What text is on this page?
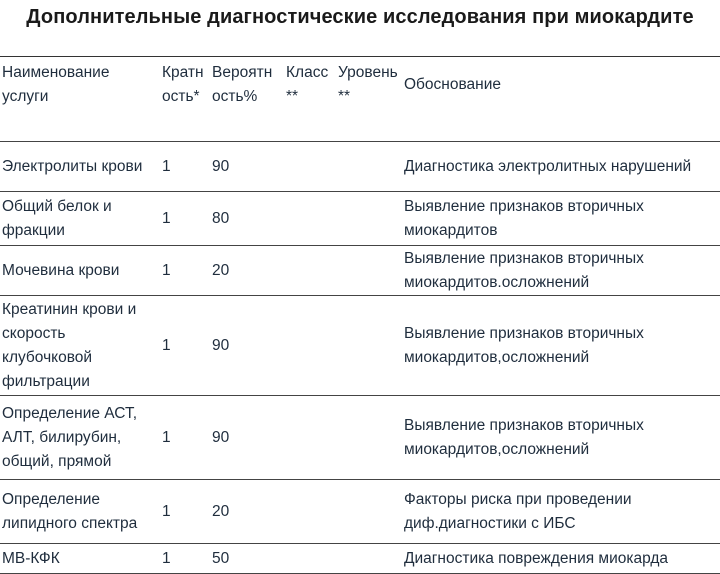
Дополнительные диагностические исследования при миокардите
Наименование услуги	Кратн ость*	Вероятн ость%	Класс **	Уровень **	Обоснование
Электролиты крови	1	90			Диагностика электролитных нарушений
Общий белок и фракции	1	80			Выявление признаков вторичных миокардитов
Мочевина крови	1	20			Выявление признаков вторичных миокардитов.осложнений
Креатинин крови и скорость клубочковой фильтрации	1	90			Выявление признаков вторичных миокардитов,осложнений
Определение АСТ, АЛТ, билирубин, общий, прямой	1	90			Выявление признаков вторичных миокардитов,осложнений
Определение липидного спектра	1	20			Факторы риска при проведении диф.диагностики с ИБС
МВ-КФК	1	50			Диагностика повреждения миокарда
